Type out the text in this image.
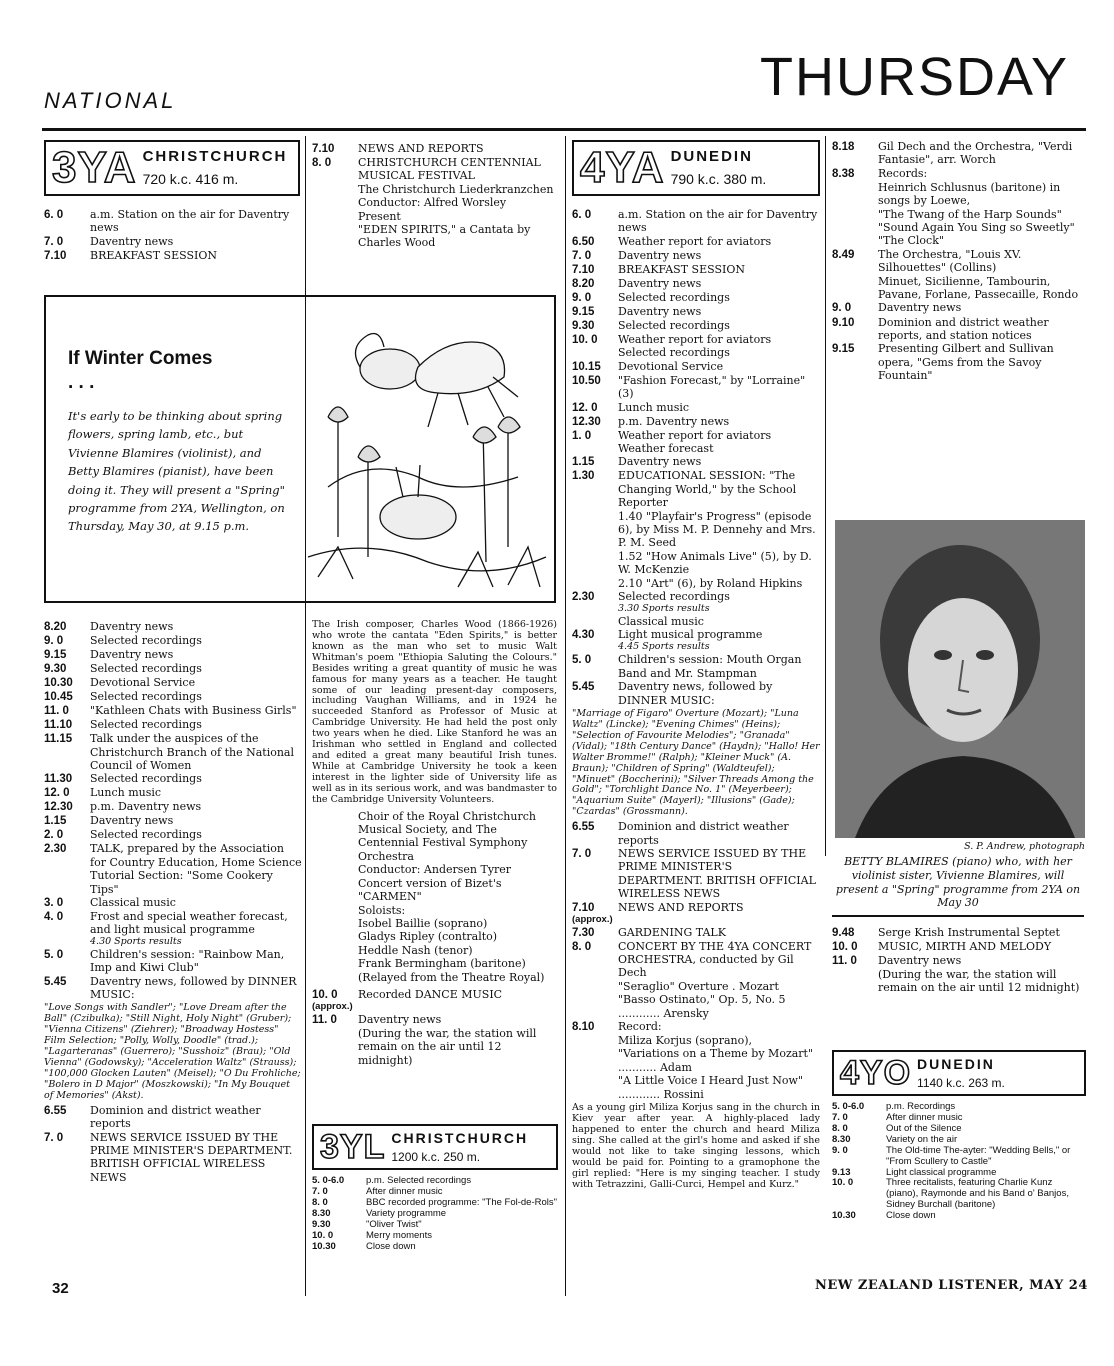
NATIONAL	THURSDAY
3YA CHRISTCHURCH
720 k.c. 416 m.
6. 0	a.m. Station on the air for Daventry news
7. 0	Daventry news
7.10	BREAKFAST SESSION
If Winter Comes . . .
It's early to be thinking about spring flowers, spring lamb, etc., but Vivienne Blamires (violinist), and Betty Blamires (pianist), have been doing it. They will present a "Spring" programme from 2YA, Wellington, on Thursday, May 30, at 9.15 p.m.
8.20	Daventry news
9. 0	Selected recordings
9.15	Daventry news
9.30	Selected recordings
10.30	Devotional Service
10.45	Selected recordings
11. 0	"Kathleen Chats with Business Girls"
11.10	Selected recordings
11.15	Talk under the auspices of the Christchurch Branch of the National Council of Women
11.30	Selected recordings
12. 0	Lunch music
12.30	p.m. Daventry news
1.15	Daventry news
2. 0	Selected recordings
2.30	TALK, prepared by the Association for Country Education, Home Science Tutorial Section: "Some Cookery Tips"
3. 0	Classical music
4. 0	Frost and special weather forecast, and light musical programme
4.30 Sports results
5. 0	Children's session: "Rainbow Man, Imp and Kiwi Club"
5.45	Daventry news, followed by DINNER MUSIC:
"Love Songs with Sandler"; "Love Dream after the Ball" (Czibulka); "Still Night, Holy Night" (Gruber); "Vienna Citizens" (Ziehrer); "Broadway Hostess" Film Selection; "Polly, Wolly, Doodle" (trad.); "Lagarteranas" (Guerrero); "Susshoiz" (Brau); "Old Vienna" (Godowsky); "Acceleration Waltz" (Strauss); "100,000 Glocken Lauten" (Meisel); "O Du Frohliche; "Bolero in D Major" (Moszkowski); "In My Bouquet of Memories" (Akst).
6.55	Dominion and district weather reports
7. 0	NEWS SERVICE ISSUED BY THE PRIME MINISTER'S DEPARTMENT. BRITISH OFFICIAL WIRELESS NEWS
7.10	NEWS AND REPORTS
8. 0	CHRISTCHURCH CENTENNIAL MUSICAL FESTIVAL
The Christchurch Liederkranzchen
Conductor: Alfred Worsley
Present
"EDEN SPIRITS," a Cantata by Charles Wood
The Irish composer, Charles Wood (1866-1926) who wrote the cantata "Eden Spirits," is better known as the man who set to music Walt Whitman's poem "Ethiopia Saluting the Colours." Besides writing a great quantity of music he was famous for many years as a teacher. He taught some of our leading present-day composers, including Vaughan Williams, and in 1924 he succeeded Stanford as Professor of Music at Cambridge University. He had held the post only two years when he died. Like Stanford he was an Irishman who settled in England and collected and edited a great many beautiful Irish tunes. While at Cambridge University he took a keen interest in the lighter side of University life as well as in its serious work, and was bandmaster to the Cambridge University Volunteers.
Choir of the Royal Christchurch Musical Society, and The Centennial Festival Symphony Orchestra
Conductor: Andersen Tyrer
Concert version of Bizet's "CARMEN"
Soloists:
Isobel Baillie (soprano)
Gladys Ripley (contralto)
Heddle Nash (tenor)
Frank Bermingham (baritone)
(Relayed from the Theatre Royal)
10. 0	Recorded DANCE MUSIC
(approx.)
11. 0	Daventry news
(During the war, the station will remain on the air until 12 midnight)
3YL CHRISTCHURCH
1200 k.c. 250 m.
5. 0-6.0	p.m. Selected recordings
7. 0	After dinner music
8. 0	BBC recorded programme: "The Fol-de-Rols"
8.30	Variety programme
9.30	"Oliver Twist"
10. 0	Merry moments
10.30	Close down
4YA DUNEDIN
790 k.c. 380 m.
6. 0	a.m. Station on the air for Daventry news
6.50	Weather report for aviators
7. 0	Daventry news
7.10	BREAKFAST SESSION
8.20	Daventry news
9. 0	Selected recordings
9.15	Daventry news
9.30	Selected recordings
10. 0	Weather report for aviators Selected recordings
10.15	Devotional Service
10.50	"Fashion Forecast," by "Lorraine" (3)
12. 0	Lunch music
12.30	p.m. Daventry news
1. 0	Weather report for aviators Weather forecast
1.15	Daventry news
1.30	EDUCATIONAL SESSION: "The Changing World," by the School Reporter
1.40 "Playfair's Progress" (episode 6), by Miss M. P. Dennehy and Mrs. P. M. Seed
1.52 "How Animals Live" (5), by D. W. McKenzie
2.10 "Art" (6), by Roland Hipkins
2.30	Selected recordings
3.30 Sports results
Classical music
4.30	Light musical programme
4.45 Sports results
5. 0	Children's session: Mouth Organ Band and Mr. Stampman
5.45	Daventry news, followed by DINNER MUSIC:
"Marriage of Figaro" Overture (Mozart); "Luna Waltz" (Lincke); "Evening Chimes" (Heins); "Selection of Favourite Melodies"; "Granada" (Vidal); "18th Century Dance" (Haydn); "Hallo! Her Walter Bromme!" (Ralph); "Kleiner Muck" (A. Braun); "Children of Spring" (Waldteufel); "Minuet" (Boccherini); "Silver Threads Among the Gold"; "Torchlight Dance No. 1" (Meyerbeer); "Aquarium Suite" (Mayerl); "Illusions" (Gade); "Czardas" (Grossmann).
6.55	Dominion and district weather reports
7. 0	NEWS SERVICE ISSUED BY THE PRIME MINISTER'S DEPARTMENT. BRITISH OFFICIAL WIRELESS NEWS
7.10	NEWS AND REPORTS
(approx.)
7.30	GARDENING TALK
8. 0	CONCERT BY THE 4YA CONCERT ORCHESTRA, conducted by Gil Dech
"Seraglio" Overture . Mozart
"Basso Ostinato," Op. 5, No. 5 ............ Arensky
8.10	Record:
Miliza Korjus (soprano),
"Variations on a Theme by Mozart" ........... Adam
"A Little Voice I Heard Just Now" ............ Rossini
As a young girl Miliza Korjus sang in the church in Kiev year after year. A highly-placed lady happened to enter the church and heard Miliza sing. She called at the girl's home and asked if she would not like to take singing lessons, which would be paid for. Pointing to a gramophone the girl replied: "Here is my singing teacher. I study with Tetrazzini, Galli-Curci, Hempel and Kurz."
8.18	Gil Dech and the Orchestra, "Verdi Fantasie", arr. Worch
8.38	Records:
Heinrich Schlusnus (baritone) in songs by Loewe,
"The Twang of the Harp Sounds"
"Sound Again You Sing so Sweetly"
"The Clock"
8.49	The Orchestra, "Louis XV. Silhouettes" (Collins)
Minuet, Sicilienne, Tambourin, Pavane, Forlane, Passecaille, Rondo
9. 0	Daventry news
9.10	Dominion and district weather reports, and station notices
9.15	Presenting Gilbert and Sullivan opera, "Gems from the Savoy Fountain"
S. P. Andrew, photograph
BETTY BLAMIRES (piano) who, with her violinist sister, Vivienne Blamires, will present a "Spring" programme from 2YA on May 30
9.48	Serge Krish Instrumental Septet
10. 0	MUSIC, MIRTH AND MELODY
11. 0	Daventry news
(During the war, the station will remain on the air until 12 midnight)
4YO DUNEDIN
1140 k.c. 263 m.
5. 0-6.0	p.m. Recordings
7. 0	After dinner music
8. 0	Out of the Silence
8.30	Variety on the air
9. 0	The Old-time The-ayter: "Wedding Bells," or "From Scullery to Castle"
9.13	Light classical programme
10. 0	Three recitalists, featuring Charlie Kunz (piano), Raymonde and his Band o' Banjos, Sidney Burchall (baritone)
10.30	Close down
32	NEW ZEALAND LISTENER, MAY 24
